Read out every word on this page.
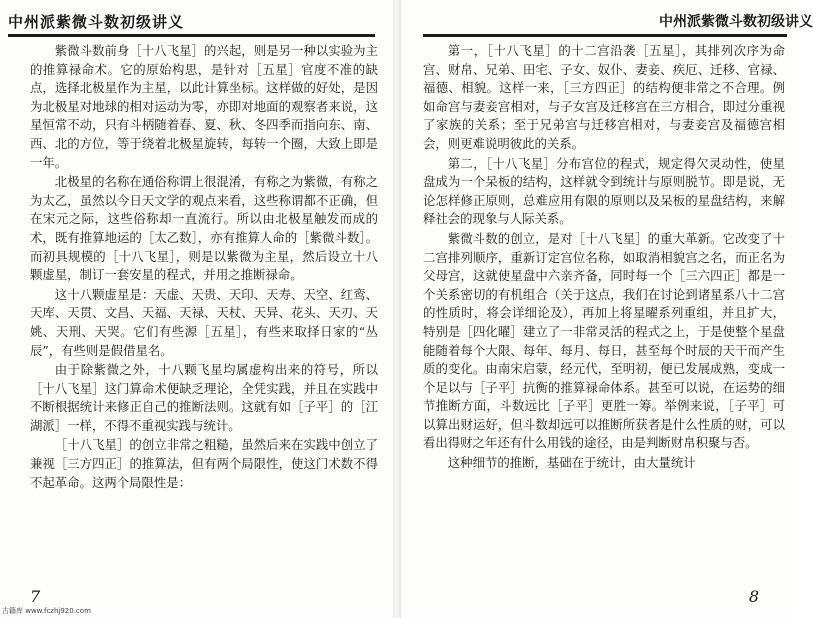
中州派紫微斗数初级讲义

紫微斗数前身［十八飞星］的兴起，则是另一种以实验为主的推算禄命术。它的原始构思，是针对［五星］官度不准的缺点，选择北极星作为主星，以此计算坐标。这样做的好处，是因为北极星对地球的相对运动为零，亦即对地面的观察者来说，这星恒常不动，只有斗柄随着春、夏、秋、冬四季而指向东、南、西、北的方位，等于绕着北极星旋转，每转一个圈，大致上即是一年。

北极星的名称在通俗称谓上很混淆，有称之为紫微，有称之为太乙，虽然以今日天文学的观点来看，这些称谓都不正确，但在宋元之际，这些俗称却一直流行。所以由北极星触发而成的术，既有推算地运的［太乙数］，亦有推算人命的［紫微斗数］。而初具规模的［十八飞星］，则是以紫微为主星，然后设立十八颗虚星，制订一套安星的程式，并用之推断禄命。

这十八颗虚星是：天虚、天贵、天印、天寿、天空、红鸾、天库、天贯、文昌、天福、天禄、天杖、天异、花头、天刃、天姚、天刑、天哭。它们有些源［五星］，有些来取择日家的“丛辰”，有些则是假借星名。

由于除紫微之外，十八颗飞星均属虚构出来的符号，所以［十八飞星］这门算命术便缺乏理论，全凭实践，并且在实践中不断根据统计来修正自己的推断法则。这就有如［子平］的［江湖派］一样，不得不重视实践与统计。

［十八飞星］的创立非常之粗糙，虽然后来在实践中创立了兼视［三方四正］的推算法，但有两个局限性，使这门术数不得不起革命。这两个局限性是：

7
古籍库 www.fczhj920.com
中州派紫微斗数初级讲义

第一，［十八飞星］的十二宫沿袭［五星］，其排列次序为命宫、财帛、兄弟、田宅、子女、奴仆、妻妾、疾厄、迁移、官禄、福德、相貌。这样一来，［三方四正］的结构便非常之不合理。例如命宫与妻妾宫相对，与子女宫及迁移宫在三方相合，即过分重视了家族的关系；至于兄弟宫与迁移宫相对，与妻妾宫及福德宫相会，则更难说明彼此的关系。

第二，［十八飞星］分布宫位的程式，规定得欠灵动性，使星盘成为一个呆板的结构，这样就令到统计与原则脱节。即是说，无论怎样修正原则，总难应用有限的原则以及呆板的星盘结构，来解释社会的现象与人际关系。

紫微斗数的创立，是对［十八飞星］的重大革新。它改变了十二宫排列顺序，重新订定宫位名称，如取消相貌宫之名，而正名为父母宫，这就使星盘中六亲齐备，同时每一个［三六四正］都是一个关系密切的有机组合（关于这点，我们在讨论到诸星系八十二宫的性质时，将会详细论及），再加上将星曜系列重组，并且扩大，特别是［四化曜］建立了一非常灵活的程式之上，于是使整个星盘能随着每个大限、每年、每月、每日，甚至每个时辰的天干而产生质的变化。由南宋启蒙，经元代，至明初，便已发展成熟，变成一个足以与［子平］抗衡的推算禄命体系。甚至可以说，在运势的细节推断方面，斗数远比［子平］更胜一筹。举例来说，［子平］可以算出财运好，但斗数却远可以推断所获者是什么性质的财，可以看出得财之年还有什么用钱的途径，由是判断财帛积聚与否。

这种细节的推断，基础在于统计，由大量统计

8
